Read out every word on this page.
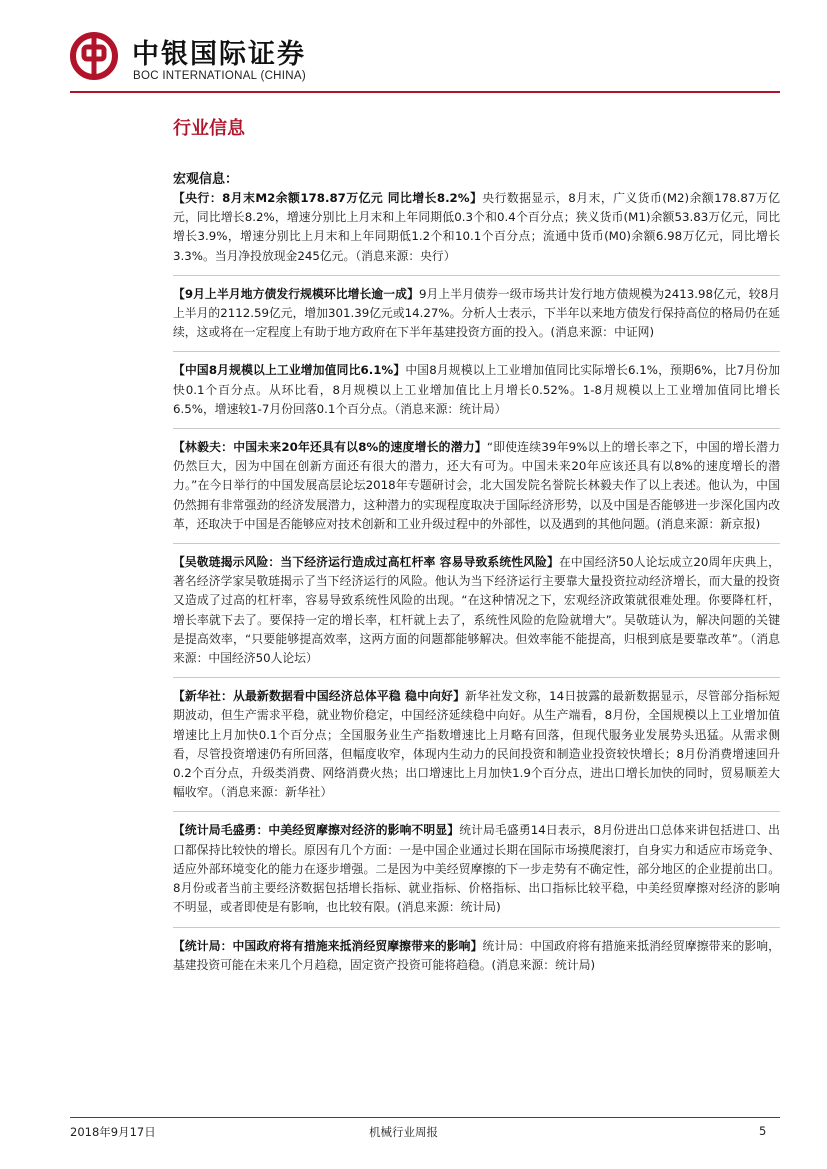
中银国际证券
BOC INTERNATIONAL (CHINA)
行业信息
宏观信息：

【央行：8月末M2余额178.87万亿元 同比增长8.2%】央行数据显示，8月末，广义货币(M2)余额178.87万亿元，同比增长8.2%，增速分别比上月末和上年同期低0.3个和0.4个百分点；狭义货币(M1)余额53.83万亿元，同比增长3.9%，增速分别比上月末和上年同期低1.2个和10.1个百分点；流通中货币(M0)余额6.98万亿元，同比增长3.3%。当月净投放现金245亿元。（消息来源：央行）

【9月上半月地方债发行规模环比增长逾一成】9月上半月债券一级市场共计发行地方债规模为2413.98亿元，较8月上半月的2112.59亿元，增加301.39亿元或14.27%。分析人士表示，下半年以来地方债发行保持高位的格局仍在延续，这或将在一定程度上有助于地方政府在下半年基建投资方面的投入。(消息来源：中证网)

【中国8月规模以上工业增加值同比6.1%】中国8月规模以上工业增加值同比实际增长6.1%，预期6%，比7月份加快0.1个百分点。从环比看，8月规模以上工业增加值比上月增长0.52%。1-8月规模以上工业增加值同比增长6.5%，增速较1-7月份回落0.1个百分点。（消息来源：统计局）

【林毅夫：中国未来20年还具有以8%的速度增长的潜力】“即使连续39年9%以上的增长率之下，中国的增长潜力仍然巨大，因为中国在创新方面还有很大的潜力，还大有可为。中国未来20年应该还具有以8%的速度增长的潜力。”在今日举行的中国发展高层论坛2018年专题研讨会，北大国发院名誉院长林毅夫作了以上表述。他认为，中国仍然拥有非常强劲的经济发展潜力，这种潜力的实现程度取决于国际经济形势，以及中国是否能够进一步深化国内改革，还取决于中国是否能够应对技术创新和工业升级过程中的外部性，以及遇到的其他问题。(消息来源：新京报)

【吴敬琏揭示风险：当下经济运行造成过高杠杆率 容易导致系统性风险】在中国经济50人论坛成立20周年庆典上，著名经济学家吴敬琏揭示了当下经济运行的风险。他认为当下经济运行主要靠大量投资拉动经济增长，而大量的投资又造成了过高的杠杆率，容易导致系统性风险的出现。“在这种情况之下，宏观经济政策就很难处理。你要降杠杆，增长率就下去了。要保持一定的增长率，杠杆就上去了，系统性风险的危险就增大”。吴敬琏认为，解决问题的关键是提高效率，“只要能够提高效率，这两方面的问题都能够解决。但效率能不能提高，归根到底是要靠改革”。（消息来源：中国经济50人论坛）

【新华社：从最新数据看中国经济总体平稳 稳中向好】新华社发文称，14日披露的最新数据显示，尽管部分指标短期波动，但生产需求平稳，就业物价稳定，中国经济延续稳中向好。从生产端看，8月份，全国规模以上工业增加值增速比上月加快0.1个百分点；全国服务业生产指数增速比上月略有回落，但现代服务业发展势头迅猛。从需求侧看，尽管投资增速仍有所回落，但幅度收窄，体现内生动力的民间投资和制造业投资较快增长；8月份消费增速回升0.2个百分点，升级类消费、网络消费火热；出口增速比上月加快1.9个百分点，进出口增长加快的同时，贸易顺差大幅收窄。（消息来源：新华社）

【统计局毛盛勇：中美经贸摩擦对经济的影响不明显】统计局毛盛勇14日表示，8月份进出口总体来讲包括进口、出口都保持比较快的增长。原因有几个方面：一是中国企业通过长期在国际市场摸爬滚打，自身实力和适应市场竞争、适应外部环境变化的能力在逐步增强。二是因为中美经贸摩擦的下一步走势有不确定性，部分地区的企业提前出口。8月份或者当前主要经济数据包括增长指标、就业指标、价格指标、出口指标比较平稳，中美经贸摩擦对经济的影响不明显，或者即使是有影响，也比较有限。(消息来源：统计局)

【统计局：中国政府将有措施来抵消经贸摩擦带来的影响】统计局：中国政府将有措施来抵消经贸摩擦带来的影响，基建投资可能在未来几个月趋稳，固定资产投资可能将趋稳。(消息来源：统计局)

2018年9月17日	机械行业周报	5
